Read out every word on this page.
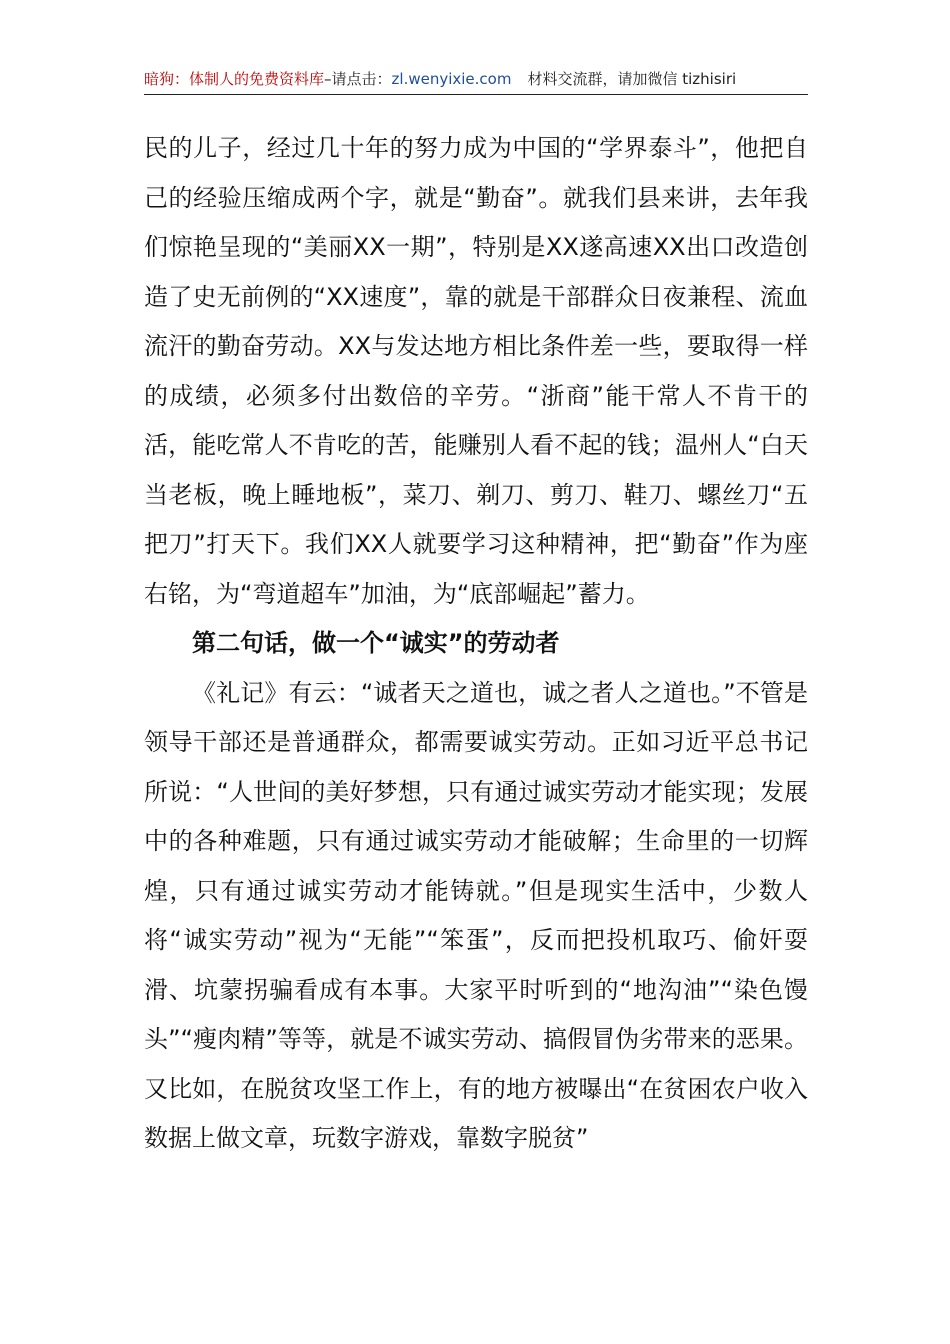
暗狗：体制人的免费资料库–请点击：zl.wenyixie.com 材料交流群，请加微信 tizhisiri

民的儿子，经过几十年的努力成为中国的“学界泰斗”，他把自己的经验压缩成两个字，就是“勤奋”。就我们县来讲，去年我们惊艳呈现的“美丽XX一期”，特别是XX遂高速XX出口改造创造了史无前例的“XX速度”，靠的就是干部群众日夜兼程、流血流汗的勤奋劳动。XX与发达地方相比条件差一些，要取得一样的成绩，必须多付出数倍的辛劳。“浙商”能干常人不肯干的活，能吃常人不肯吃的苦，能赚别人看不起的钱；温州人“白天当老板，晚上睡地板”，菜刀、剃刀、剪刀、鞋刀、螺丝刀“五把刀”打天下。我们XX人就要学习这种精神，把“勤奋”作为座右铭，为“弯道超车”加油，为“底部崛起”蓄力。

第二句话，做一个“诚实”的劳动者

《礼记》有云：“诚者天之道也，诚之者人之道也。”不管是领导干部还是普通群众，都需要诚实劳动。正如习近平总书记所说：“人世间的美好梦想，只有通过诚实劳动才能实现；发展中的各种难题，只有通过诚实劳动才能破解；生命里的一切辉煌，只有通过诚实劳动才能铸就。”但是现实生活中，少数人将“诚实劳动”视为“无能”“笨蛋”，反而把投机取巧、偷奸耍滑、坑蒙拐骗看成有本事。大家平时听到的“地沟油”“染色馒头”“瘦肉精”等等，就是不诚实劳动、搞假冒伪劣带来的恶果。又比如，在脱贫攻坚工作上，有的地方被曝出“在贫困农户收入数据上做文章，玩数字游戏，靠数字脱贫”
